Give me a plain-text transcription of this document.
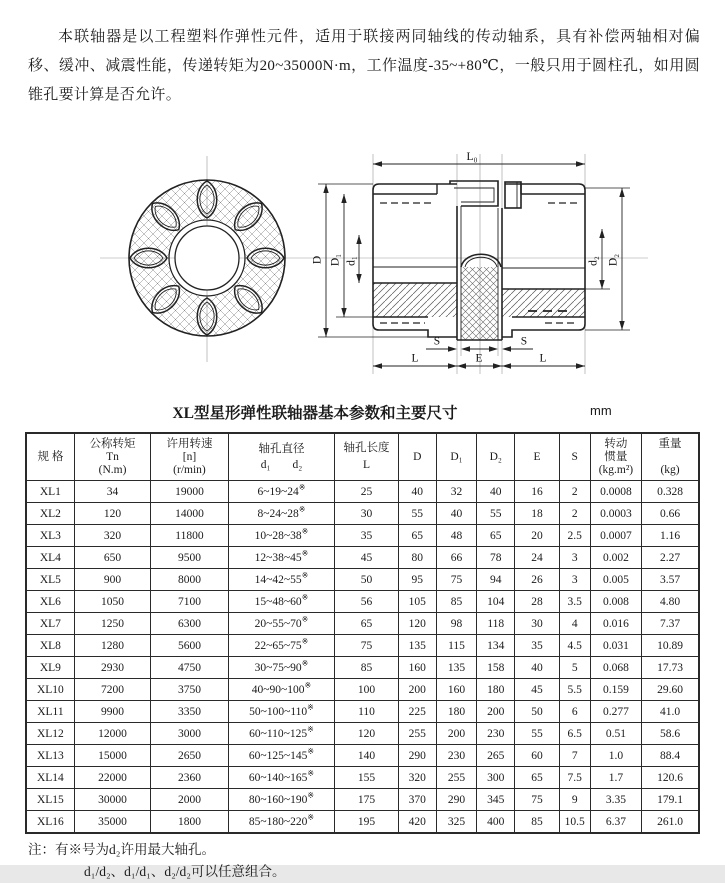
本联轴器是以工程塑料作弹性元件，适用于联接两同轴线的传动轴系，具有补偿两轴相对偏移、缓冲、减震性能，传递转矩为20~35000N·m，工作温度-35~+80℃，一般只用于圆柱孔，如用圆锥孔要计算是否允许。

L₀
D D₁ d₁	d₂ D₂
S	S
L	E	L
XL型星形弹性联轴器基本参数和主要尺寸	mm
规 格	
公称转矩
Tn
(N.m)

许用转速
[n]
(r/min)

轴孔直径
d₁ d₂

轴孔长度
L
	D	D₁	D₂	E	S	
转动
惯量
(kg.m²)

重量
(kg)

XL1	34	19000	6~19~24※	25	40	32	40	16	2	0.0008	0.328
XL2	120	14000	8~24~28※	30	55	40	55	18	2	0.0003	0.66
XL3	320	11800	10~28~38※	35	65	48	65	20	2.5	0.0007	1.16
XL4	650	9500	12~38~45※	45	80	66	78	24	3	0.002	2.27
XL5	900	8000	14~42~55※	50	95	75	94	26	3	0.005	3.57
XL6	1050	7100	15~48~60※	56	105	85	104	28	3.5	0.008	4.80
XL7	1250	6300	20~55~70※	65	120	98	118	30	4	0.016	7.37
XL8	1280	5600	22~65~75※	75	135	115	134	35	4.5	0.031	10.89
XL9	2930	4750	30~75~90※	85	160	135	158	40	5	0.068	17.73
XL10	7200	3750	40~90~100※	100	200	160	180	45	5.5	0.159	29.60
XL11	9900	3350	50~100~110※	110	225	180	200	50	6	0.277	41.0
XL12	12000	3000	60~110~125※	120	255	200	230	55	6.5	0.51	58.6
XL13	15000	2650	60~125~145※	140	290	230	265	60	7	1.0	88.4
XL14	22000	2360	60~140~165※	155	320	255	300	65	7.5	1.7	120.6
XL15	30000	2000	80~160~190※	175	370	290	345	75	9	3.35	179.1
XL16	35000	1800	85~180~220※	195	420	325	400	85	10.5	6.37	261.0
注：有※号为d₂许用最大轴孔。
d₁/d₂、d₁/d₁、d₂/d₂可以任意组合。
